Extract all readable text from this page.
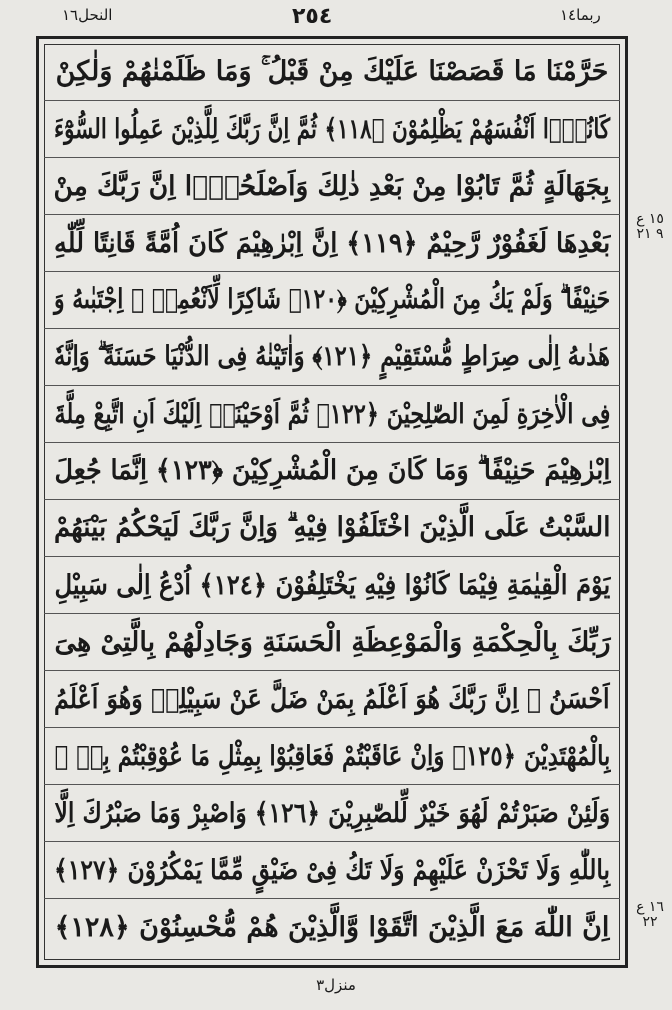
النحل١٦	٢٥٤	ربما١٤
حَرَّمْنَا مَا قَصَصْنَا عَلَيْكَ مِنْ قَبْلُ ۚ وَمَا ظَلَمْنٰهُمْ وَلٰكِنْ
كَانُوْۤا اَنْفُسَهُمْ يَظْلِمُوْنَ ﴿١١٨﴾ ثُمَّ اِنَّ رَبَّكَ لِلَّذِيْنَ عَمِلُوا السُّوْٓءَ
بِجَهَالَةٍ ثُمَّ تَابُوْا مِنْ بَعْدِ ذٰلِكَ وَاَصْلَحُوْۤا اِنَّ رَبَّكَ مِنْ
بَعْدِهَا لَغَفُوْرٌ رَّحِيْمٌ ﴿١١٩﴾ اِنَّ اِبْرٰهِيْمَ كَانَ اُمَّةً قَانِتًا لِّلّٰهِ
حَنِيْفًا ۗ وَلَمْ يَكُ مِنَ الْمُشْرِكِيْنَ ﴿١٢٠﴾ شَاكِرًا لِّاَنْعُمِهٖ ۗ اِجْتَبٰىهُ وَ
هَدٰىهُ اِلٰى صِرَاطٍ مُّسْتَقِيْمٍ ﴿١٢١﴾ وَاٰتَيْنٰهُ فِى الدُّنْيَا حَسَنَةً ۗ وَاِنَّهٗ
فِى الْاٰخِرَةِ لَمِنَ الصّٰلِحِيْنَ ﴿١٢٢﴾ ثُمَّ اَوْحَيْنَاۤ اِلَيْكَ اَنِ اتَّبِعْ مِلَّةَ
اِبْرٰهِيْمَ حَنِيْفًا ۗ وَمَا كَانَ مِنَ الْمُشْرِكِيْنَ ﴿١٢٣﴾ اِنَّمَا جُعِلَ
السَّبْتُ عَلَى الَّذِيْنَ اخْتَلَفُوْا فِيْهِ ۗ وَاِنَّ رَبَّكَ لَيَحْكُمُ بَيْنَهُمْ
يَوْمَ الْقِيٰمَةِ فِيْمَا كَانُوْا فِيْهِ يَخْتَلِفُوْنَ ﴿١٢٤﴾ اُدْعُ اِلٰى سَبِيْلِ
رَبِّكَ بِالْحِكْمَةِ وَالْمَوْعِظَةِ الْحَسَنَةِ وَجَادِلْهُمْ بِالَّتِىْ هِىَ
اَحْسَنُ ۗ اِنَّ رَبَّكَ هُوَ اَعْلَمُ بِمَنْ ضَلَّ عَنْ سَبِيْلِهٖ وَهُوَ اَعْلَمُ
بِالْمُهْتَدِيْنَ ﴿١٢٥﴾ وَاِنْ عَاقَبْتُمْ فَعَاقِبُوْا بِمِثْلِ مَا عُوْقِبْتُمْ بِهٖ ۗ
وَلَئِنْ صَبَرْتُمْ لَهُوَ خَيْرٌ لِّلصّٰبِرِيْنَ ﴿١٢٦﴾ وَاصْبِرْ وَمَا صَبْرُكَ اِلَّا
بِاللّٰهِ وَلَا تَحْزَنْ عَلَيْهِمْ وَلَا تَكُ فِىْ ضَيْقٍ مِّمَّا يَمْكُرُوْنَ ﴿١٢٧﴾
اِنَّ اللّٰهَ مَعَ الَّذِيْنَ اتَّقَوْا وَّالَّذِيْنَ هُمْ مُّحْسِنُوْنَ ﴿١٢٨﴾
١٥ ع ٩ ٢١
١٦ ع ٢٢
منزل٣
